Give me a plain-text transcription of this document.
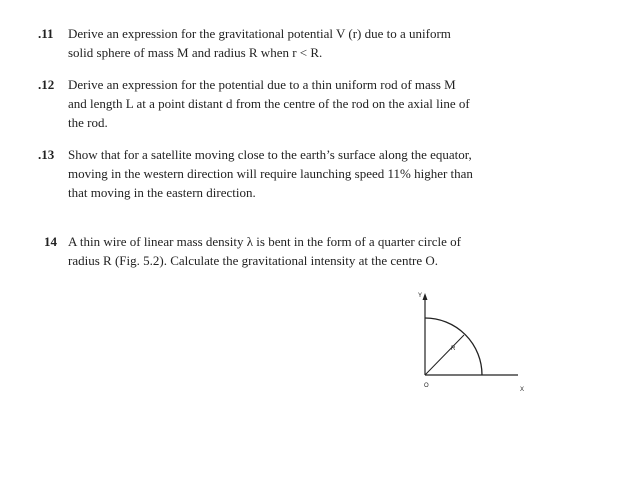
.11 Derive an expression for the gravitational potential V (r) due to a uniform
solid sphere of mass M and radius R when r < R.
.12 Derive an expression for the potential due to a thin uniform rod of mass M
and length L at a point distant d from the centre of the rod on the axial line of
the rod.
.13 Show that for a satellite moving close to the earth’s surface along the equator,
moving in the western direction will require launching speed 11% higher than
that moving in the eastern direction.
14 A thin wire of linear mass density λ is bent in the form of a quarter circle of
radius R (Fig. 5.2). Calculate the gravitational intensity at the centre O.
Y
X
O
R
